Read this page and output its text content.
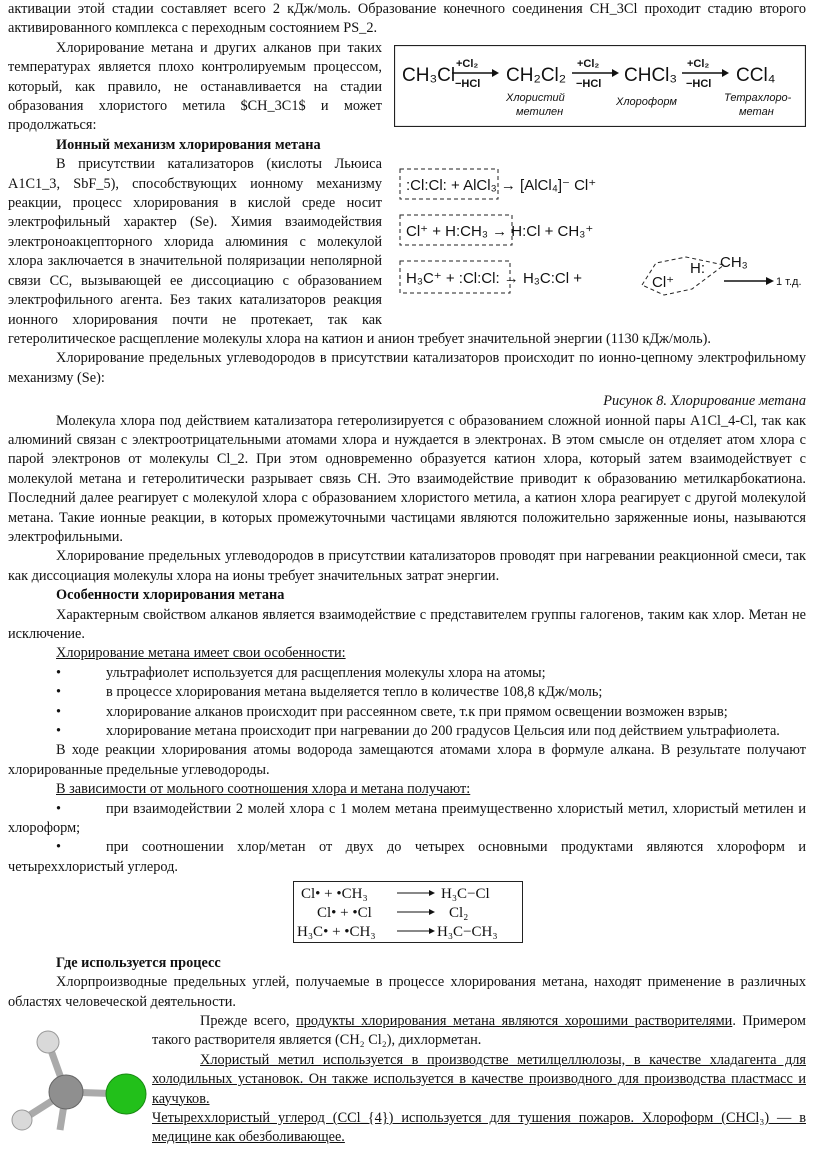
активации этой стадии составляет всего 2 кДж/моль. Образование конечного соединения CH_3Cl проходит стадию второго активированного комплекса с переходным состоянием PS_2.

CH₃Cl
+Cl₂
−HCl CH₂Cl₂
Хлористий
метилен
+Cl₂
−HCl CHCl₃
Хлороформ
+Cl₂
−HCl CCl₄
Тетрахлоро-
метан

Хлорирование метана и других алканов при таких температурах является плохо контролируемым процессом, который, как правило, не останавливается на стадии образования хлористого метила $CH_3C1$ и может продолжаться:

Ионный механизм хлорирования метана

:Cl:Cl: + AlCl₃ → [AlCl₄]⁻ Cl⁺
Cl⁺ + H:CH₃ → H:Cl + CH₃⁺
H₃C⁺ + :Cl:Cl: → H₃C:Cl +	Cl⁺
H: CH₃
1 т.д.

В присутствии катализаторов (кислоты Льюиса A1C1_3, SbF_5), способствующих ионному механизму реакции, процесс хлорирования в кислой среде носит электрофильный характер (Se). Химия взаимодействия электроноакцепторного хлорида алюминия с молекулой хлора заключается в значительной поляризации неполярной связи СС, вызывающей ее диссоциацию с образованием электрофильного агента. Без таких катализаторов реакция ионного хлорирования почти не протекает, так как гетеролитическое расщепление молекулы хлора на катион и анион требует значительной энергии (1130 кДж/моль).

Хлорирование предельных углеводородов в присутствии катализаторов происходит по ионно-цепному электрофильному механизму (Se):

Рисунок 8. Хлорирование метана

Молекула хлора под действием катализатора гетеролизируется с образованием сложной ионной пары A1Cl_4-Cl, так как алюминий связан с электроотрицательными атомами хлора и нуждается в электронах. В этом смысле он отделяет атом хлора с парой электронов от молекулы Cl_2. При этом одновременно образуется катион хлора, который затем взаимодействует с молекулой метана и гетеролитически разрывает связь CH. Это взаимодействие приводит к образованию метилкарбокатиона. Последний далее реагирует с молекулой хлора с образованием хлористого метила, а катион хлора реагирует с другой молекулой метана. Такие ионные реакции, в которых промежуточными частицами являются положительно заряженные ионы, называются электрофильными.

Хлорирование предельных углеводородов в присутствии катализаторов проводят при нагревании реакционной смеси, так как диссоциация молекулы хлора на ионы требует значительных затрат энергии.

Особенности хлорирования метана

Характерным свойством алканов является взаимодействие с представителем группы галогенов, таким как хлор. Метан не исключение.

Хлорирование метана имеет свои особенности:

• ультрафиолет используется для расщепления молекулы хлора на атомы;
• в процессе хлорирования метана выделяется тепло в количестве 108,8 кДж/моль;
• хлорирование алканов происходит при рассеянном свете, т.к при прямом освещении возможен взрыв;
• хлорирование метана происходит при нагревании до 200 градусов Цельсия или под действием ультрафиолета.

В ходе реакции хлорирования атомы водорода замещаются атомами хлора в формуле алкана. В результате получают хлорированные предельные углеводороды.

В зависимости от мольного соотношения хлора и метана получают:

• при взаимодействии 2 молей хлора с 1 молем метана преимущественно хлористый метил, хлористый метилен и хлороформ;
• при соотношении хлор/метан от двух до четырех основными продуктами являются хлороформ и четыреххлористый углерод.
Cl• + •CH₃	H₃C−Cl
Cl• + •Cl	Cl₂
H₃C• + •CH₃	H₃C−CH₃

Где используется процесс

Хлорпроизводные предельных углей, получаемые в процессе хлорирования метана, находят применение в различных областях человеческой деятельности.

Прежде всего, продукты хлорирования метана являются хорошими растворителями. Примером такого растворителя является (CH₂ Cl₂), дихлорметан.

Хлористый метил используется в производстве метилцеллюлозы, в качестве хладагента для холодильных установок. Он также используется в качестве производного для производства пластмасс и каучуков.

Четыреххлористый углерод (CCl_{4}) используется для тушения пожаров. Хлороформ (CHCl₃) — в медицине как обезболивающее.
